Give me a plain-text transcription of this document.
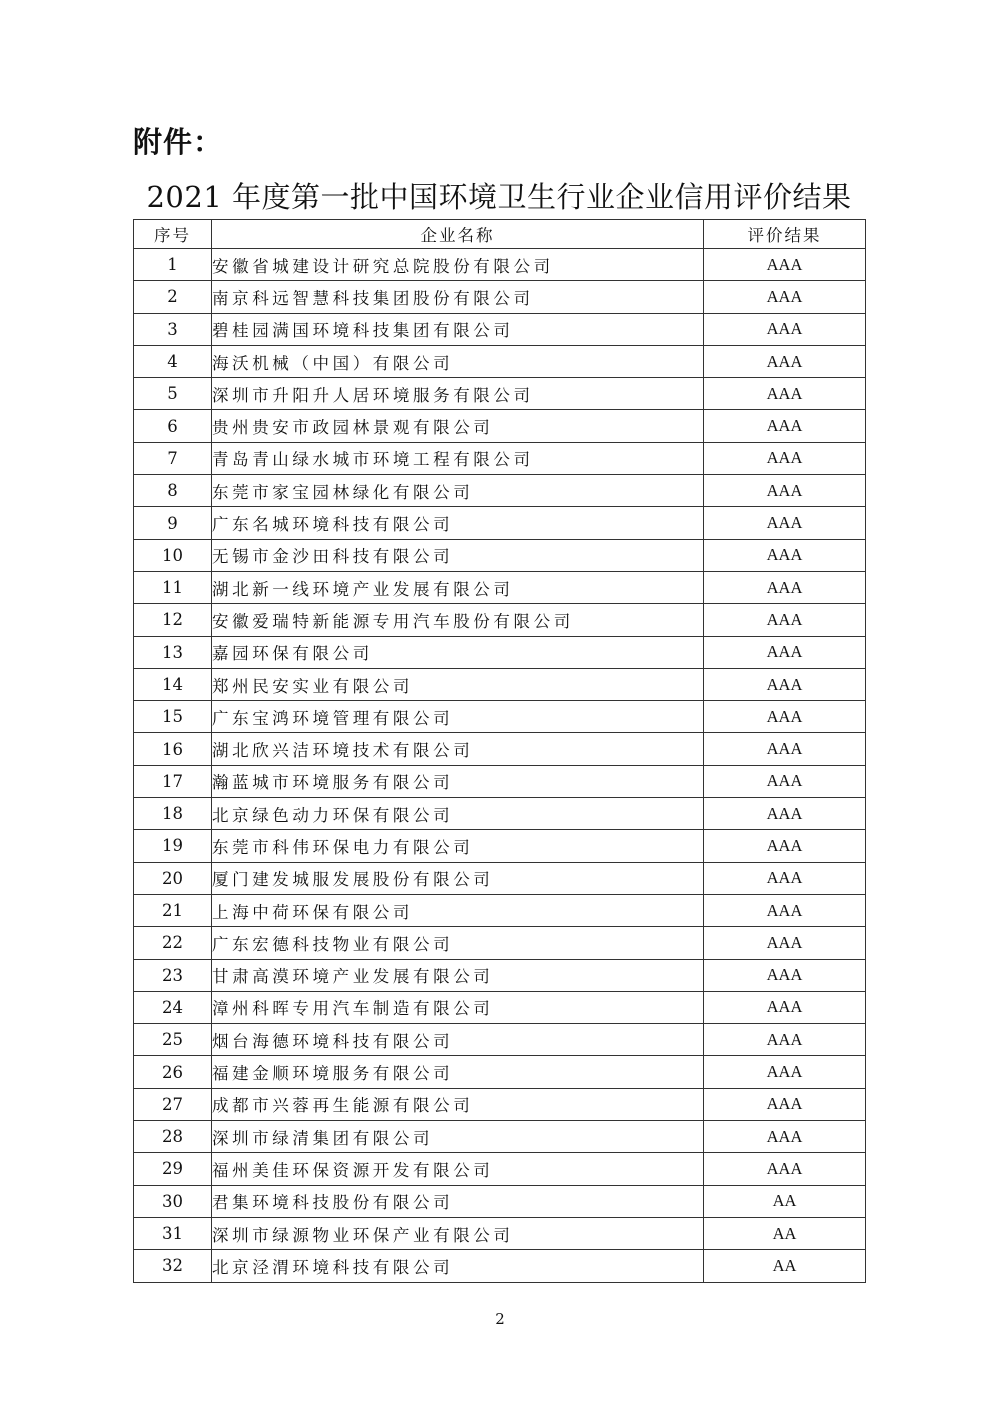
附件：
2021 年度第一批中国环境卫生行业企业信用评价结果
序号	企业名称	评价结果
1	安徽省城建设计研究总院股份有限公司	AAA
2	南京科远智慧科技集团股份有限公司	AAA
3	碧桂园满国环境科技集团有限公司	AAA
4	海沃机械（中国）有限公司	AAA
5	深圳市升阳升人居环境服务有限公司	AAA
6	贵州贵安市政园林景观有限公司	AAA
7	青岛青山绿水城市环境工程有限公司	AAA
8	东莞市家宝园林绿化有限公司	AAA
9	广东名城环境科技有限公司	AAA
10	无锡市金沙田科技有限公司	AAA
11	湖北新一线环境产业发展有限公司	AAA
12	安徽爱瑞特新能源专用汽车股份有限公司	AAA
13	嘉园环保有限公司	AAA
14	郑州民安实业有限公司	AAA
15	广东宝鸿环境管理有限公司	AAA
16	湖北欣兴洁环境技术有限公司	AAA
17	瀚蓝城市环境服务有限公司	AAA
18	北京绿色动力环保有限公司	AAA
19	东莞市科伟环保电力有限公司	AAA
20	厦门建发城服发展股份有限公司	AAA
21	上海中荷环保有限公司	AAA
22	广东宏德科技物业有限公司	AAA
23	甘肃高漠环境产业发展有限公司	AAA
24	漳州科晖专用汽车制造有限公司	AAA
25	烟台海德环境科技有限公司	AAA
26	福建金顺环境服务有限公司	AAA
27	成都市兴蓉再生能源有限公司	AAA
28	深圳市绿清集团有限公司	AAA
29	福州美佳环保资源开发有限公司	AAA
30	君集环境科技股份有限公司	AA
31	深圳市绿源物业环保产业有限公司	AA
32	北京泾渭环境科技有限公司	AA
2
